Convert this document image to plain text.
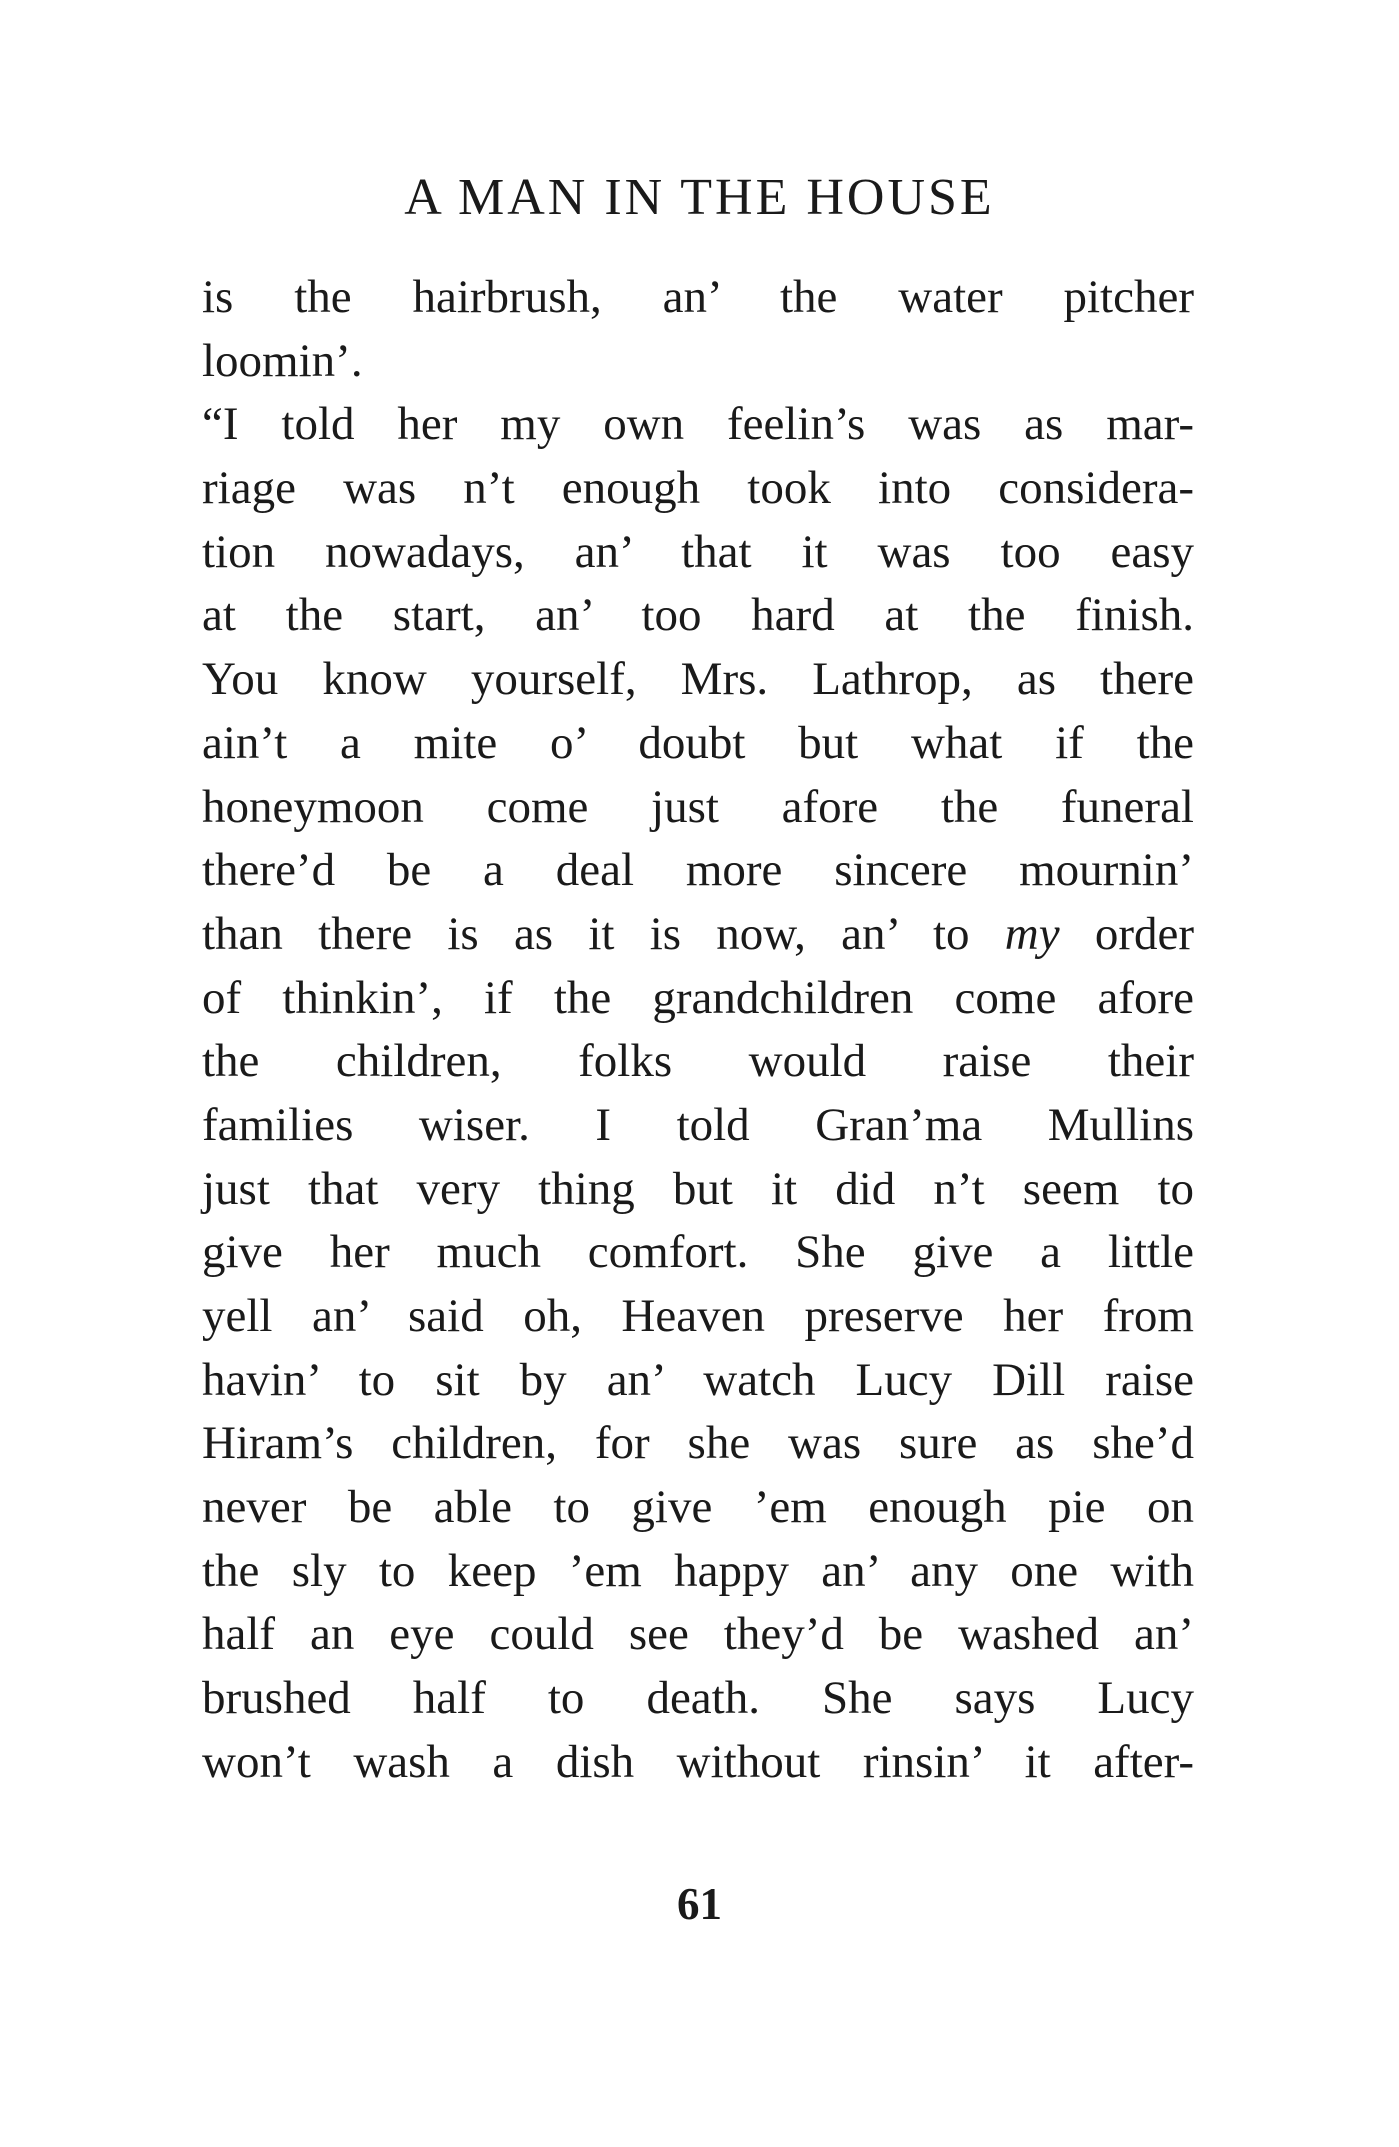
A MAN IN THE HOUSE
is the hairbrush, an’ the water pitcher
loomin’.
“I told her my own feelin’s was as mar-
riage was n’t enough took into considera-
tion nowadays, an’ that it was too easy
at the start, an’ too hard at the finish.
You know yourself, Mrs. Lathrop, as there
ain’t a mite o’ doubt but what if the
honeymoon come just afore the funeral
there’d be a deal more sincere mournin’
than there is as it is now, an’ to my order
of thinkin’, if the grandchildren come afore
the children, folks would raise their
families wiser. I told Gran’ma Mullins
just that very thing but it did n’t seem to
give her much comfort. She give a little
yell an’ said oh, Heaven preserve her from
havin’ to sit by an’ watch Lucy Dill raise
Hiram’s children, for she was sure as she’d
never be able to give ’em enough pie on
the sly to keep ’em happy an’ any one with
half an eye could see they’d be washed an’
brushed half to death. She says Lucy
won’t wash a dish without rinsin’ it after-
61
